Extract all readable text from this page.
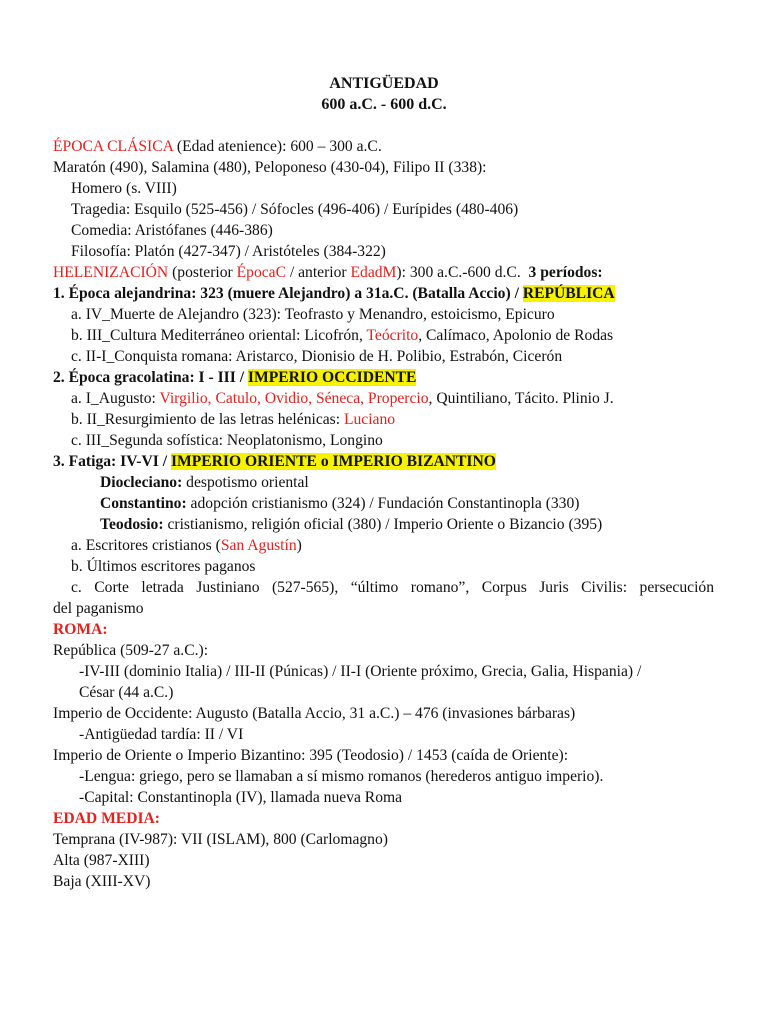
ANTIGÜEDAD
600 a.C. - 600 d.C.
ÉPOCA CLÁSICA (Edad atenience): 600 – 300 a.C.
Maratón (490), Salamina (480), Peloponeso (430-04), Filipo II (338):
Homero (s. VIII)
Tragedia: Esquilo (525-456) / Sófocles (496-406) / Eurípides (480-406)
Comedia: Aristófanes (446-386)
Filosofía: Platón (427-347) / Aristóteles (384-322)
HELENIZACIÓN (posterior ÉpocaC / anterior EdadM): 300 a.C.-600 d.C.  3 períodos:
1. Época alejandrina: 323 (muere Alejandro) a 31a.C. (Batalla Accio) / REPÚBLICA
a. IV_Muerte de Alejandro (323): Teofrasto y Menandro, estoicismo, Epicuro
b. III_Cultura Mediterráneo oriental: Licofrón, Teócrito, Calímaco, Apolonio de Rodas
c. II-I_Conquista romana: Aristarco, Dionisio de H. Polibio, Estrabón, Cicerón
2. Época gracolatina: I - III / IMPERIO OCCIDENTE
a. I_Augusto: Virgilio, Catulo, Ovidio, Séneca, Propercio, Quintiliano, Tácito. Plinio J.
b. II_Resurgimiento de las letras helénicas: Luciano
c. III_Segunda sofística: Neoplatonismo, Longino
3. Fatiga: IV-VI / IMPERIO ORIENTE o IMPERIO BIZANTINO
Diocleciano: despotismo oriental
Constantino: adopción cristianismo (324) / Fundación Constantinopla (330)
Teodosio: cristianismo, religión oficial (380) / Imperio Oriente o Bizancio (395)
a. Escritores cristianos (San Agustín)
b. Últimos escritores paganos
c. Corte letrada Justiniano (527-565), “último romano”, Corpus Juris Civilis: persecución
del paganismo
ROMA:
República (509-27 a.C.):
-IV-III (dominio Italia) / III-II (Púnicas) / II-I (Oriente próximo, Grecia, Galia, Hispania) /
César (44 a.C.)
Imperio de Occidente: Augusto (Batalla Accio, 31 a.C.) – 476 (invasiones bárbaras)
-Antigüedad tardía: II / VI
Imperio de Oriente o Imperio Bizantino: 395 (Teodosio) / 1453 (caída de Oriente):
-Lengua: griego, pero se llamaban a sí mismo romanos (herederos antiguo imperio).
-Capital: Constantinopla (IV), llamada nueva Roma
EDAD MEDIA:
Temprana (IV-987): VII (ISLAM), 800 (Carlomagno)
Alta (987-XIII)
Baja (XIII-XV)
